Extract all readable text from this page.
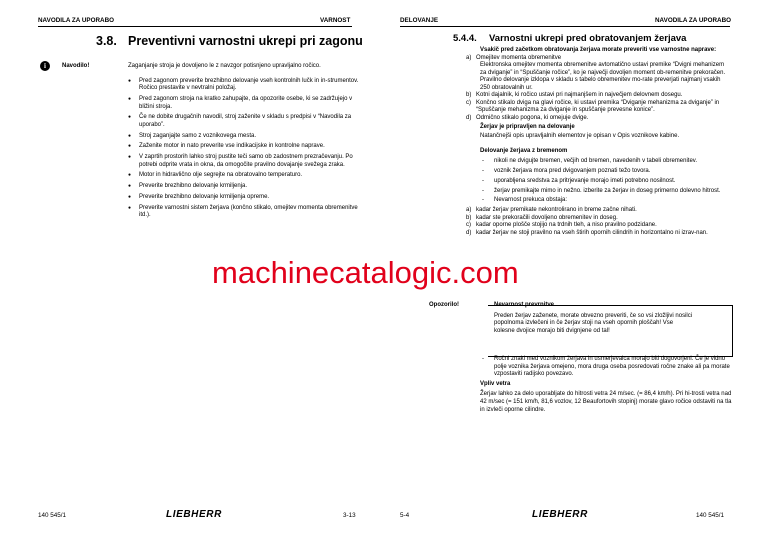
NAVODILA ZA UPORABO	VARNOST
3.8. Preventivni varnostni ukrepi pri zagonu
i	Navodilo!	Zaganjanje stroja je dovoljeno le z navzgor potisnjeno upravljalno ročico.
● Pred zagonom preverite brezhibno delovanje vseh kontrolnih lučk in in-strumentov. Ročico prestavite v nevtralni položaj.
● Pred zagonom stroja na kratko zahupajte, da opozorite osebe, ki se zadržujejo v bližini stroja.
● Če ne dobite drugačnih navodil, stroj zaženite v skladu s predpisi v “Navodila za uporabo”.
● Stroj zaganjajte samo z voznikovega mesta.
● Zaženite motor in nato preverite vse indikacijske in kontrolne naprave.
● V zaprtih prostorih lahko stroj pustite teči samo ob zadostnem prezračevanju. Po potrebi odprite vrata in okna, da omogočite pravilno dovajanje svežega zraka.
● Motor in hidravlično olje segrejte na obratovalno temperaturo.
● Preverite brezhibno delovanje krmiljenja.
● Preverite brezhibno delovanje krmiljenja opreme.
● Preverite varnostni sistem žerjava (končno stikalo, omejitev momenta obremenitve itd.).
140 545/1	LIEBHERR	3-13
DELOVANJE	NAVODILA ZA UPORABO
5.4.4. Varnostni ukrepi pred obratovanjem žerjava
Vsakič pred začetkom obratovanja žerjava morate preveriti vse varnostne naprave:
a) Omejitev momenta obremenitve
Elektronska omejitev momenta obremenitve avtomatično ustavi premike “Dvigni mehanizem za dviganje” in “Spuščanje ročice”, ko je največji dovoljen moment ob-remenitve prekoračen. Pravilno delovanje izklopa v skladu s tabelo obremenitev mo-rate preverjati najmanj vsakih 250 obratovalnih ur.
b) Kotni dajalnik, ki ročico ustavi pri najmanjšem in največjem delovnem dosegu.
c) Končno stikalo dviga na glavi ročice, ki ustavi premika “Dviganje mehanizma za dviganje” in “Spuščanje mehanizma za dviganje in spuščanje prevesne konice”.
d) Odmično stikalo pogona, ki omejuje dvige.
Žerjav je pripravljen na delovanje
Natančnejši opis upravljalnih elementov je opisan v Opis voznikove kabine.
Delovanje žerjava z bremenom
- nikoli ne dvigujte bremen, večjih od bremen, navedenih v tabeli obremenitev.
- voznik žerjava mora pred dvigovanjem poznati težo tovora.
- uporabljena sredstva za pritrjevanje morajo imeti potrebno nosilnost.
- žerjav premikajte mimo in nežno. izberite za žerjav in doseg primerno dolevno hitrost.
- Nevarnost prekuca obstaja:
a) kadar žerjav premikate nekontrolirano in breme začne nihati.
b) kadar ste prekoračili dovoljeno obremenitev in doseg.
c) kadar oporne plošče stojijo na trdnih tleh, a niso pravilno podzidane.
d) kadar žerjav ne stoji pravilno na vseh štirih opornih cilindrih in horizontalno ni izrav-nan.
Opozorilo!	Nevarnost prevrnitve
Preden žerjav zaženete, morate obvezno preveriti, če so vsi zložljivi nosilci popolnoma izvlečeni in če žerjav stoji na vseh opornih ploščah! Vse kolesne dvojice morajo biti dvignjene od tal!
- Ročni znaki med voznikom žerjava in usmerjevalca morajo biti dogovorjeni. Če je vidno polje voznika žerjava omejeno, mora druga oseba posredovati ročne znake ali pa morate vzpostaviti radijsko povezavo.
Vpliv vetra
Žerjav lahko za delo uporabljate do hitrosti vetra 24 m/sec. (= 86,4 km/h). Pri hi-trosti vetra nad 42 m/sec (= 151 km/h, 81,6 vozlov, 12 Beaufortovih stopinj) morate glavo ročice odstaviti na tla in izvleči oporne cilindre.
5-4	LIEBHERR	140 545/1
machinecatalogic.com
